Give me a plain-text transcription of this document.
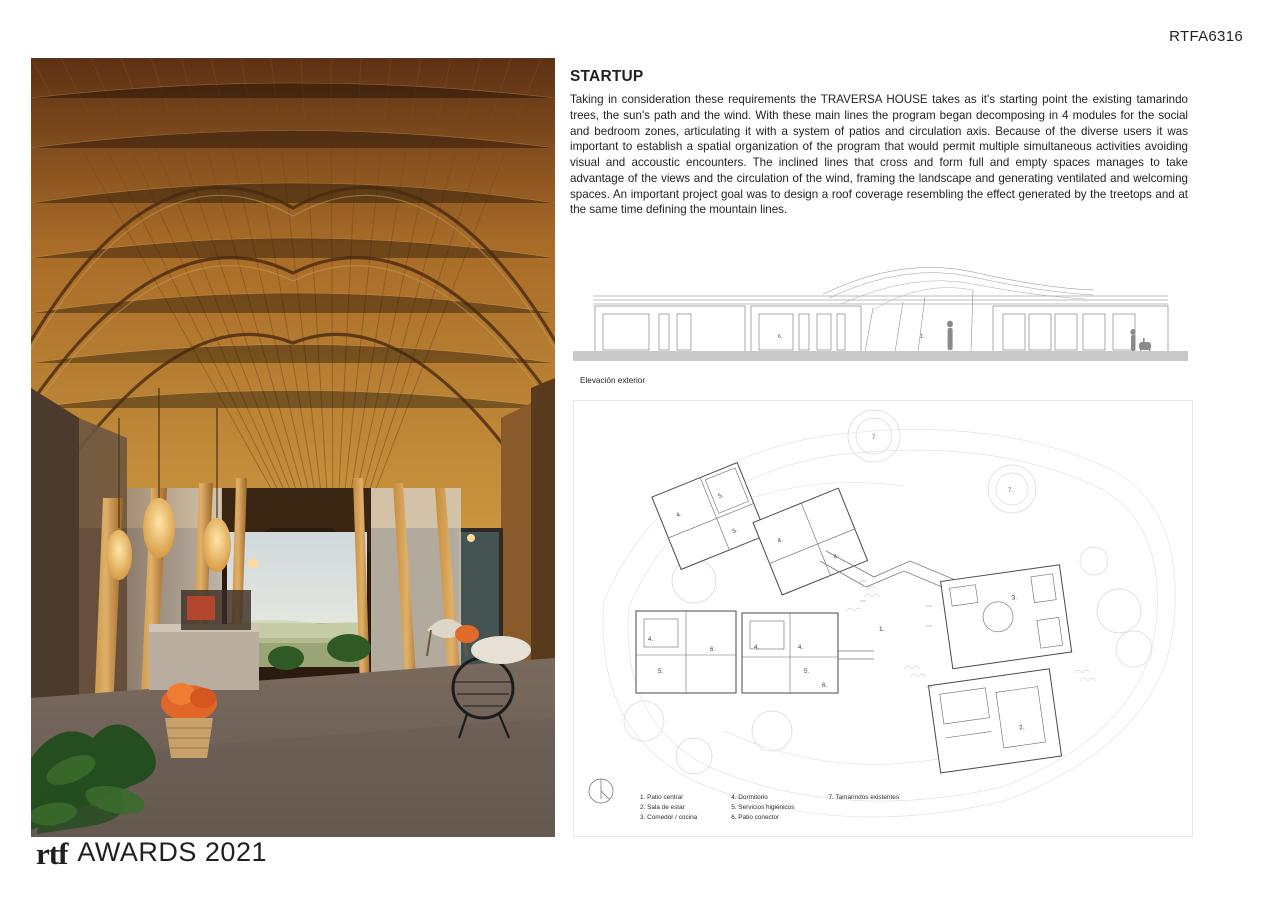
RTFA6316
STARTUP

Taking in consideration these requirements the TRAVERSA HOUSE takes as it's starting point the existing tamarindo trees, the sun's path and the wind. With these main lines the program began decomposing in 4 modules for the social and bedroom zones, articulating it with a system of patios and circulation axis. Because of the diverse users it was important to establish a spatial organization of the program that would permit multiple simultaneous activities avoiding visual and accoustic encounters. The inclined lines that cross and form full and empty spaces manages to take advantage of the views and the circulation of the wind, framing the landscape and generating ventilated and welcoming spaces. An important project goal was to design a roof coverage resembling the effect generated by the treetops and at the same time defining the mountain lines.

6.	1.
Elevación exterior
7.
7.
4.
5.
5.
4.
4.
4.
5.
6.	4.	4.
5.
6.
1.
3.
2.
1. Patio central
2. Sala de estar
3. Comedor / cocina
4. Dormitorio
5. Servicios higiénicos
6. Patio conector
7. Tamarindos existentes
rtf AWARDS 2021
